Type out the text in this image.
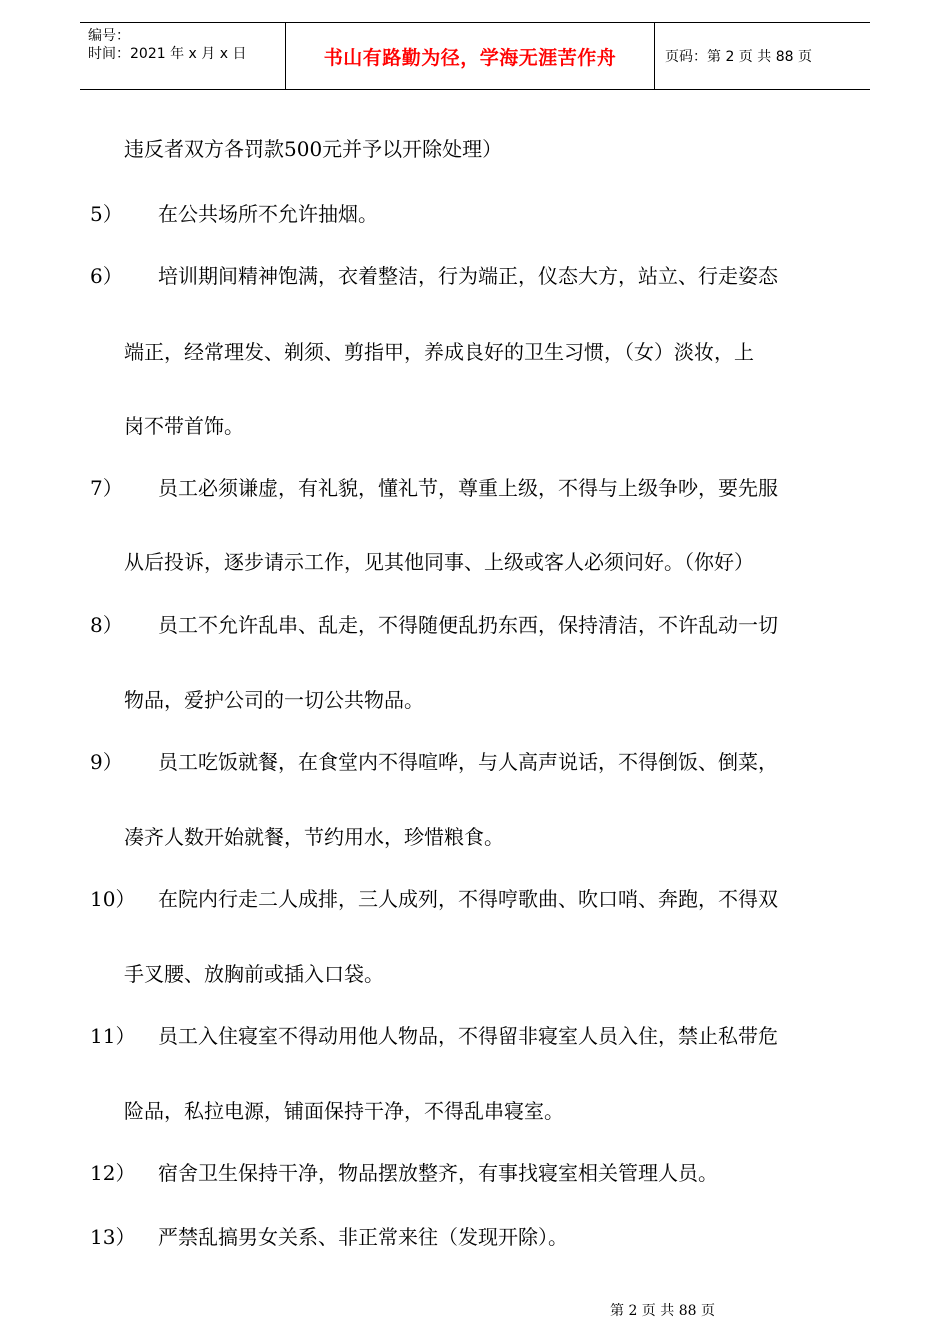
编号：
时间：2021 年 x 月 x 日	书山有路勤为径，学海无涯苦作舟	页码：第 2 页 共 88 页
违反者双方各罚款500元并予以开除处理）
5） 在公共场所不允许抽烟。
6） 培训期间精神饱满，衣着整洁，行为端正，仪态大方，站立、行走姿态
端正，经常理发、剃须、剪指甲，养成良好的卫生习惯，（女）淡妆，上
岗不带首饰。
7） 员工必须谦虚，有礼貌，懂礼节，尊重上级，不得与上级争吵，要先服
从后投诉，逐步请示工作，见其他同事、上级或客人必须问好。（你好）
8） 员工不允许乱串、乱走，不得随便乱扔东西，保持清洁，不许乱动一切
物品，爱护公司的一切公共物品。
9） 员工吃饭就餐，在食堂内不得喧哗，与人高声说话，不得倒饭、倒菜，
凑齐人数开始就餐，节约用水，珍惜粮食。
10） 在院内行走二人成排，三人成列，不得哼歌曲、吹口哨、奔跑，不得双
手叉腰、放胸前或插入口袋。
11） 员工入住寝室不得动用他人物品，不得留非寝室人员入住，禁止私带危
险品，私拉电源，铺面保持干净，不得乱串寝室。
12） 宿舍卫生保持干净，物品摆放整齐，有事找寝室相关管理人员。
13） 严禁乱搞男女关系、非正常来往（发现开除）。
第 2 页 共 88 页
